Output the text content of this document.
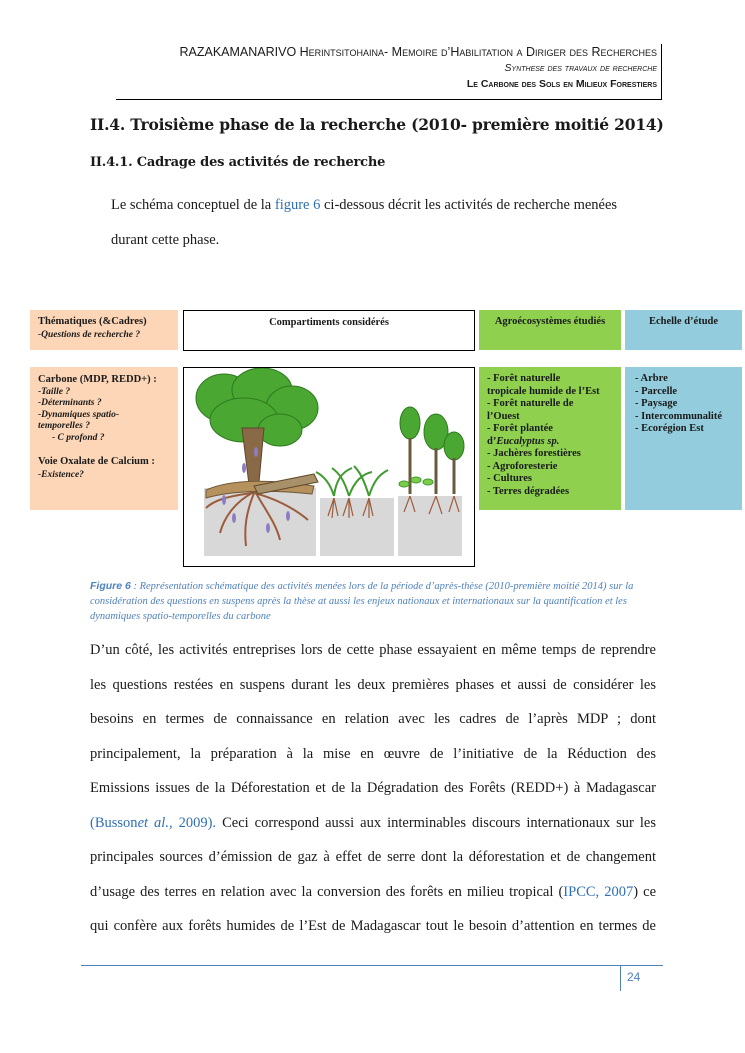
RAZAKAMANARIVO Herintsitohaina- Memoire d’Habilitation a Diriger des Recherches
Synthese des travaux de recherche
Le Carbone des Sols en Milieux Forestiers
II.4. Troisième phase de la recherche (2010- première moitié 2014)
II.4.1. Cadrage des activités de recherche
Le schéma conceptuel de la figure 6 ci-dessous décrit les activités de recherche menées
durant cette phase.
Thématiques (&Cadres)
-Questions de recherche ?
Compartiments considérés	Agroécosystèmes étudiés	Echelle d’étude
Carbone (MDP, REDD+) :
-Taille ?
-Déterminants ?
-Dynamiques spatio-
temporelles ?
- C profond ?
Voie Oxalate de Calcium :
-Existence?
- Forêt naturelle
tropicale humide de l’Est
- Forêt naturelle de
l’Ouest
- Forêt plantée
d’Eucalyptus sp.
- Jachères forestières
- Agroforesterie
- Cultures
- Terres dégradées
- Arbre
- Parcelle
- Paysage
- Intercommunalité
- Ecorégion Est
Figure 6 : Représentation schématique des activités menées lors de la période d’après-thèse (2010-première moitié 2014) sur la considération des questions en suspens après la thèse at aussi les enjeux nationaux et internationaux sur la quantification et les dynamiques spatio-temporelles du carbone
D’un côté, les activités entreprises lors de cette phase essayaient en même temps de reprendre
les questions restées en suspens durant les deux premières phases et aussi de considérer les
besoins en termes de connaissance en relation avec les cadres de l’après MDP ; dont
principalement, la préparation à la mise en œuvre de l’initiative de la Réduction des
Emissions issues de la Déforestation et de la Dégradation des Forêts (REDD+) à Madagascar
(Bussonet al., 2009). Ceci correspond aussi aux interminables discours internationaux sur les
principales sources d’émission de gaz à effet de serre dont la déforestation et de changement
d’usage des terres en relation avec la conversion des forêts en milieu tropical (IPCC, 2007) ce
qui confère aux forêts humides de l’Est de Madagascar tout le besoin d’attention en termes de
24
